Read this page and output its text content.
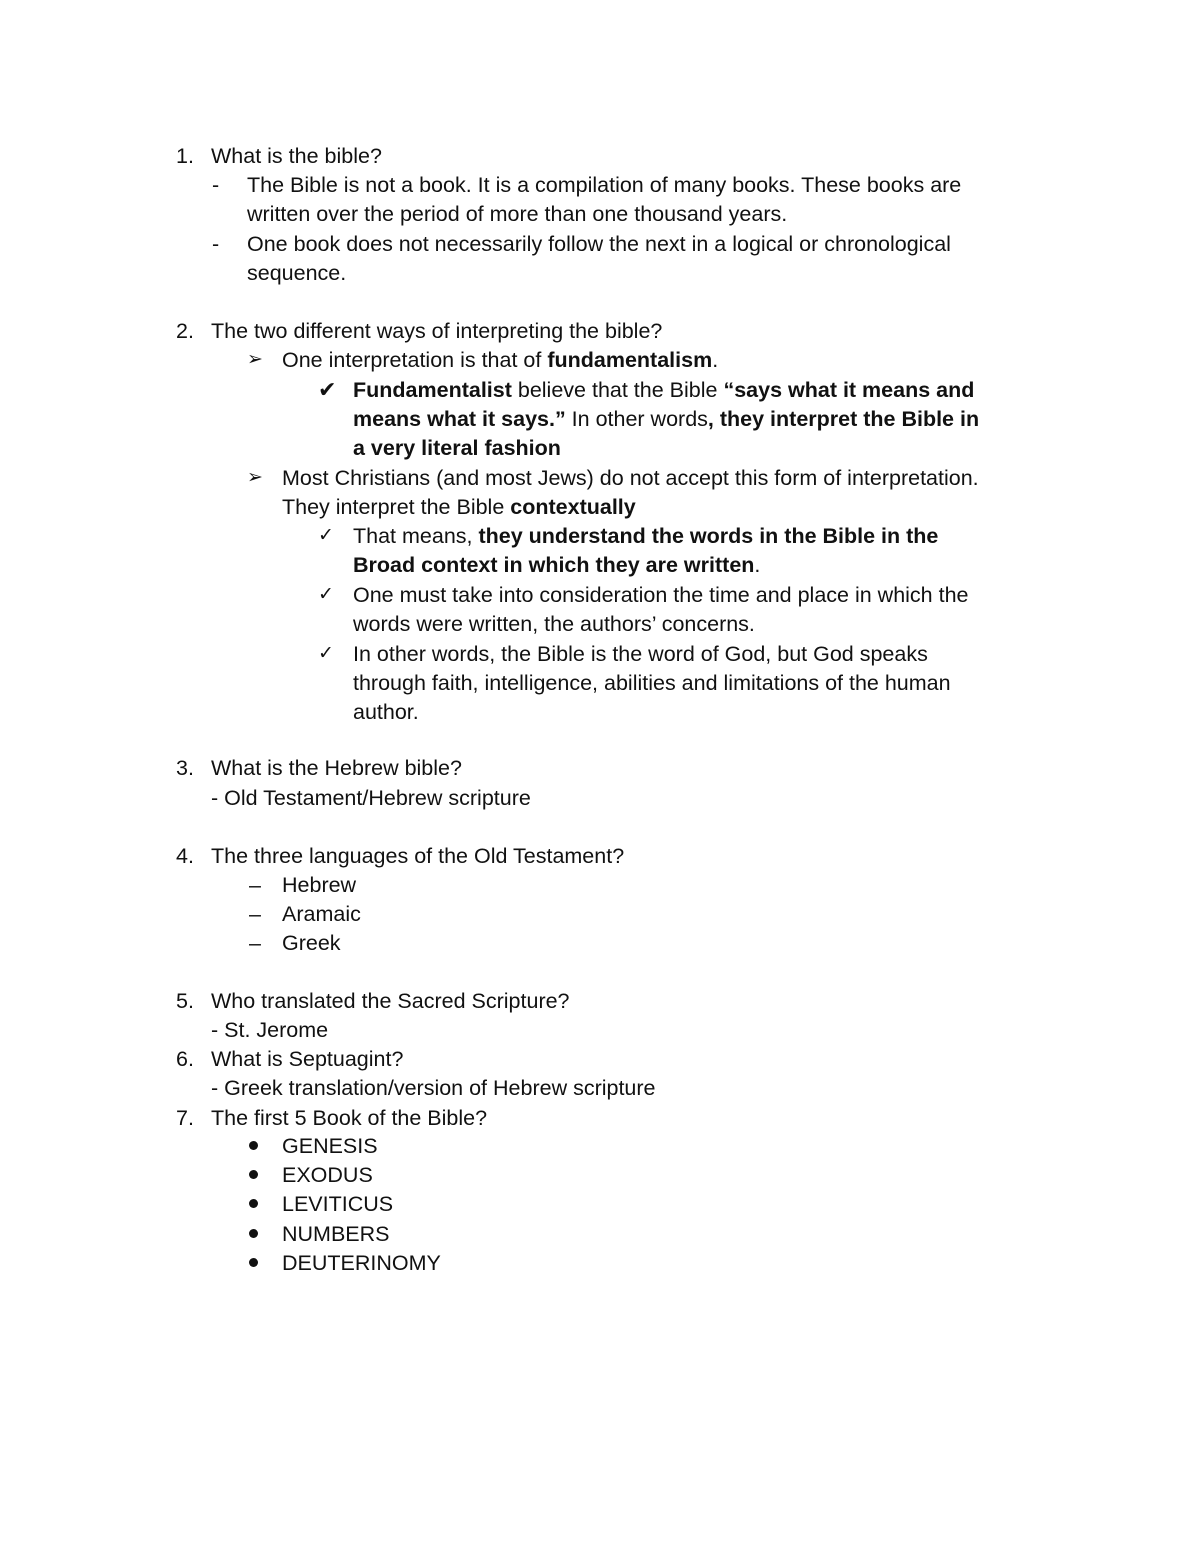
1. What is the bible?
- The Bible is not a book. It is a compilation of many books. These books are
written over the period of more than one thousand years.
- One book does not necessarily follow the next in a logical or chronological
sequence.
2. The two different ways of interpreting the bible?
➢ One interpretation is that of fundamentalism.
✔ Fundamentalist believe that the Bible “says what it means and
means what it says.” In other words, they interpret the Bible in
a very literal fashion
➢ Most Christians (and most Jews) do not accept this form of interpretation.
They interpret the Bible contextually
✓ That means, they understand the words in the Bible in the
Broad context in which they are written.
✓ One must take into consideration the time and place in which the
words were written, the authors’ concerns.
✓ In other words, the Bible is the word of God, but God speaks
through faith, intelligence, abilities and limitations of the human
author.
3. What is the Hebrew bible?
- Old Testament/Hebrew scripture
4. The three languages of the Old Testament?
– Hebrew
– Aramaic
– Greek
5. Who translated the Sacred Scripture?
- St. Jerome
6. What is Septuagint?
- Greek translation/version of Hebrew scripture
7. The first 5 Book of the Bible?
GENESIS
EXODUS
LEVITICUS
NUMBERS
DEUTERINOMY
